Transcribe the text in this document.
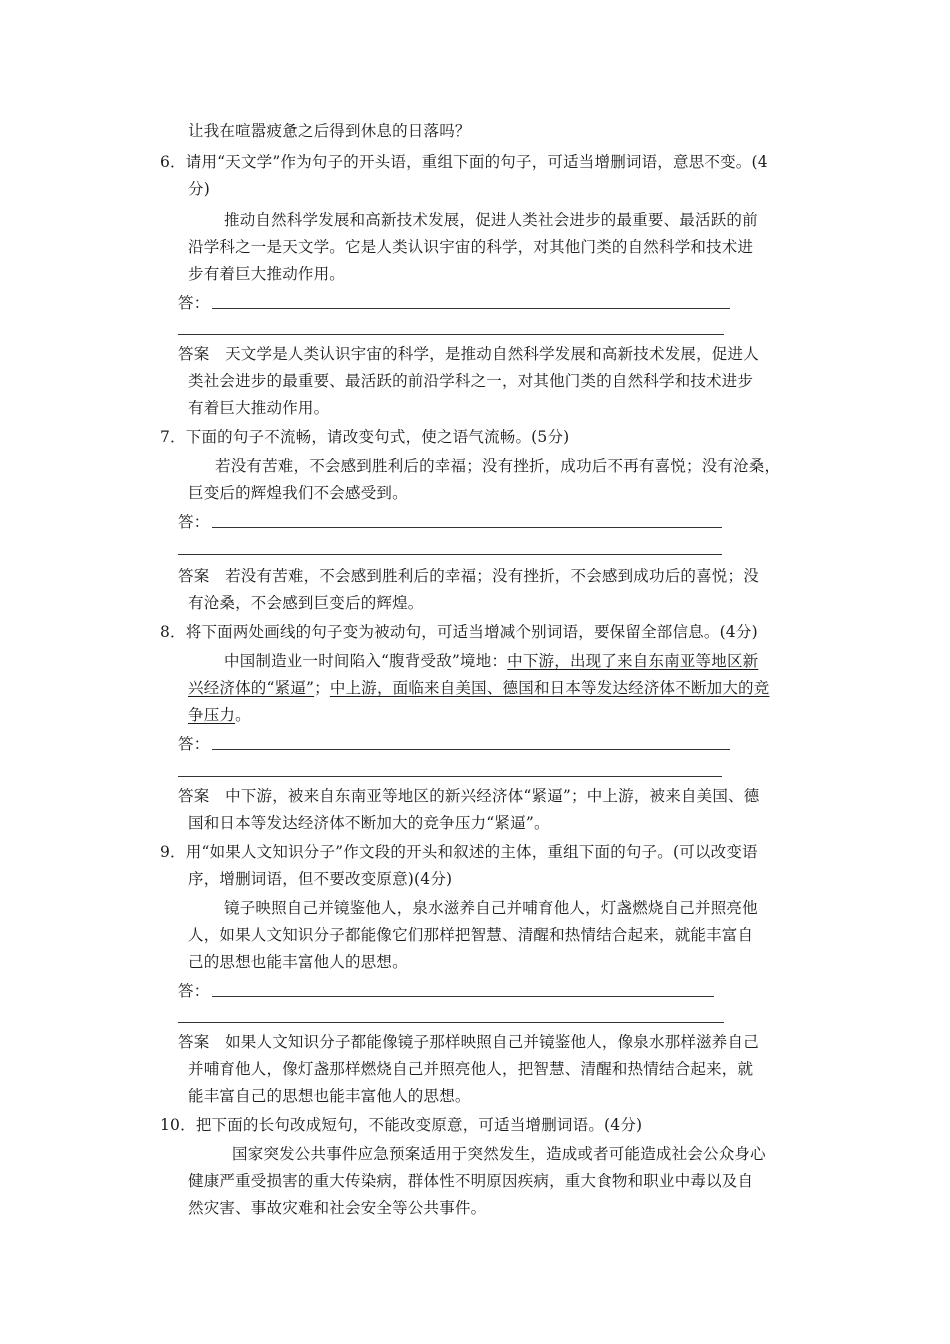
让我在喧嚣疲惫之后得到休息的日落吗？
6．请用“天文学”作为句子的开头语，重组下面的句子，可适当增删词语，意思不变。(4
分)
推动自然科学发展和高新技术发展，促进人类社会进步的最重要、最活跃的前
沿学科之一是天文学。它是人类认识宇宙的科学，对其他门类的自然科学和技术进
步有着巨大推动作用。
答：
答案　天文学是人类认识宇宙的科学，是推动自然科学发展和高新技术发展，促进人
类社会进步的最重要、最活跃的前沿学科之一，对其他门类的自然科学和技术进步
有着巨大推动作用。
7．下面的句子不流畅，请改变句式，使之语气流畅。(5分)
若没有苦难，不会感到胜利后的幸福；没有挫折，成功后不再有喜悦；没有沧桑，
巨变后的辉煌我们不会感受到。
答：
答案　若没有苦难，不会感到胜利后的幸福；没有挫折，不会感到成功后的喜悦；没
有沧桑，不会感到巨变后的辉煌。
8．将下面两处画线的句子变为被动句，可适当增减个别词语，要保留全部信息。(4分)
中国制造业一时间陷入“腹背受敌”境地：中下游，出现了来自东南亚等地区新
兴经济体的“紧逼”；中上游，面临来自美国、德国和日本等发达经济体不断加大的竞
争压力。
答：
答案　中下游，被来自东南亚等地区的新兴经济体“紧逼”；中上游，被来自美国、德
国和日本等发达经济体不断加大的竞争压力“紧逼”。
9．用“如果人文知识分子”作文段的开头和叙述的主体，重组下面的句子。(可以改变语
序，增删词语，但不要改变原意)(4分)
镜子映照自己并镜鉴他人，泉水滋养自己并哺育他人，灯盏燃烧自己并照亮他
人，如果人文知识分子都能像它们那样把智慧、清醒和热情结合起来，就能丰富自
己的思想也能丰富他人的思想。
答：
答案　如果人文知识分子都能像镜子那样映照自己并镜鉴他人，像泉水那样滋养自己
并哺育他人，像灯盏那样燃烧自己并照亮他人，把智慧、清醒和热情结合起来，就
能丰富自己的思想也能丰富他人的思想。
10．把下面的长句改成短句，不能改变原意，可适当增删词语。(4分)
国家突发公共事件应急预案适用于突然发生，造成或者可能造成社会公众身心
健康严重受损害的重大传染病，群体性不明原因疾病，重大食物和职业中毒以及自
然灾害、事故灾难和社会安全等公共事件。
